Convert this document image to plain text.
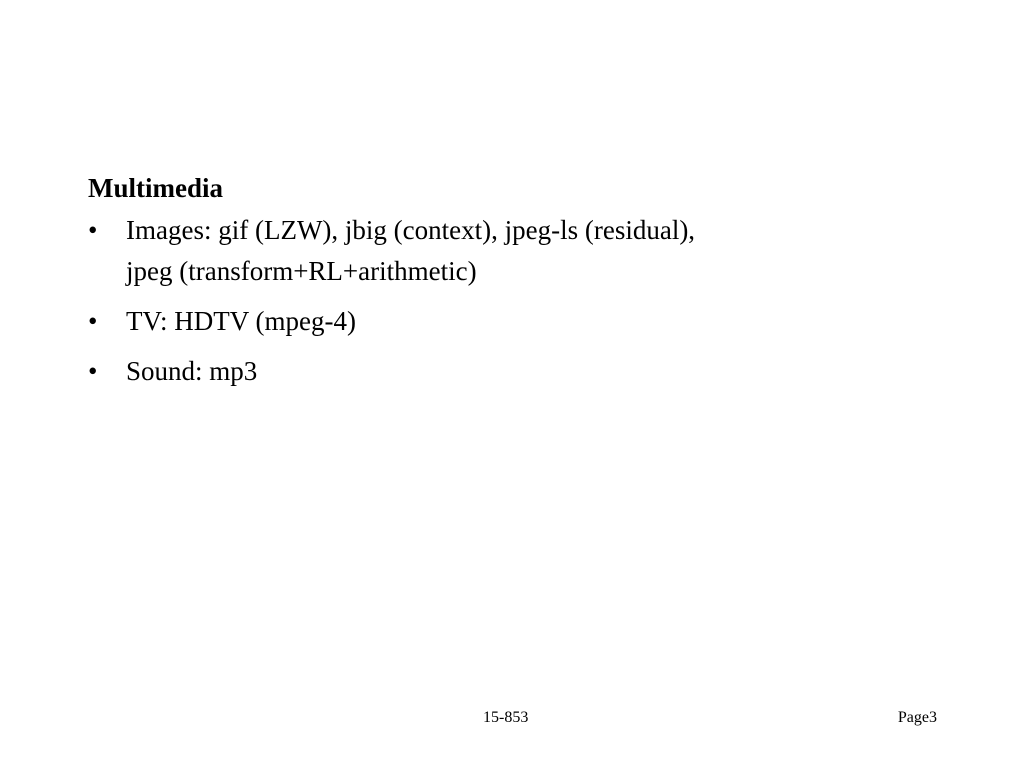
Multimedia
• Images: gif (LZW), jbig (context), jpeg-ls (residual),
jpeg (transform+RL+arithmetic)
• TV: HDTV (mpeg-4)
• Sound: mp3
15-853	Page3
